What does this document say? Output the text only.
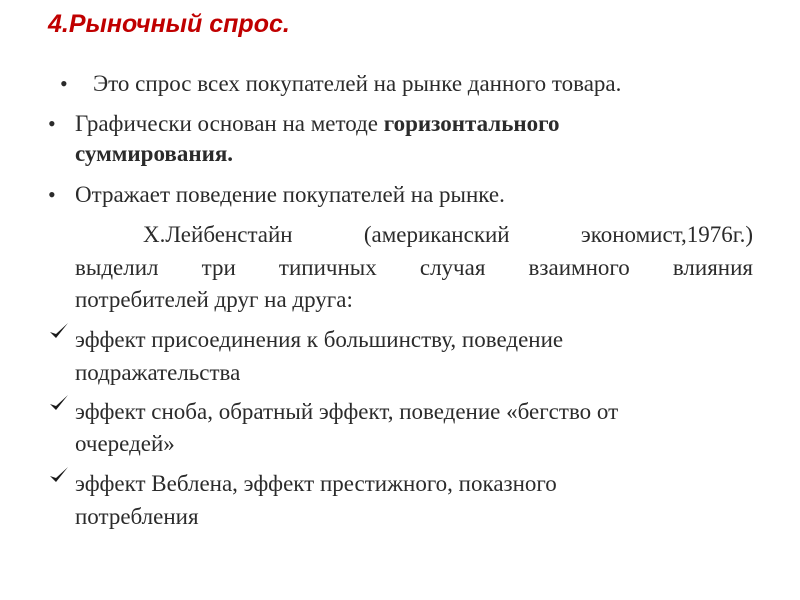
4.Рыночный спрос.
• Это спрос всех покупателей на рынке данного товара.
• Графически основан на методе горизонтального
суммирования.
• Отражает поведение покупателей на рынке.
Х.Лейбенстайн (американский экономист,1976г.)
выделил три типичных случая взаимного влияния
потребителей друг на друга:
эффект присоединения к большинству, поведение
подражательства
эффект сноба, обратный эффект, поведение «бегство от
очередей»
эффект Веблена, эффект престижного, показного
потребления
